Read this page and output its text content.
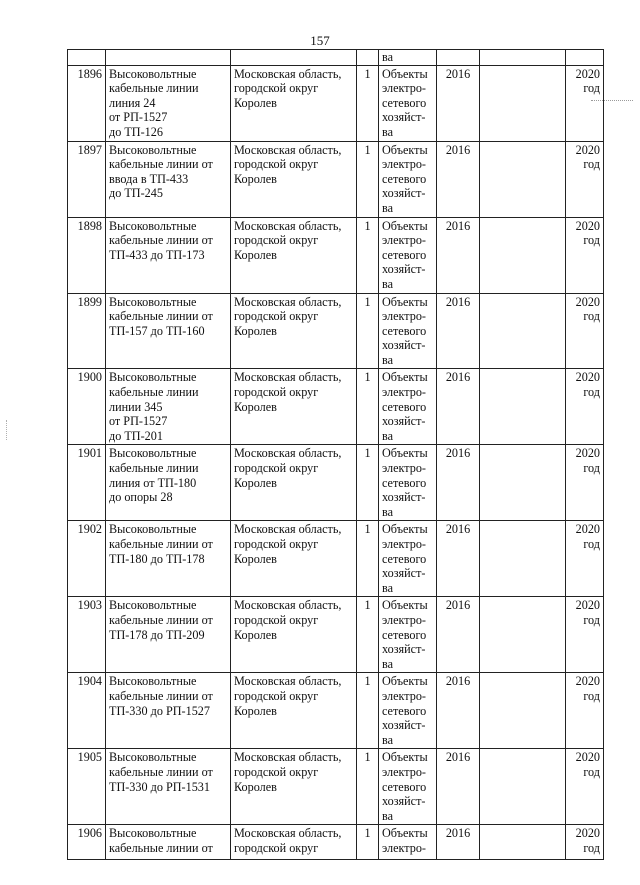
157
				ва			
1896	Высоковольтные
кабельные линии
линия 24
от РП-1527
до ТП-126	Московская область,
городской округ
Королев	1	Объекты
электро-
сетевого
хозяйст-
ва	2016		2020
год

1897	Высоковольтные
кабельные линии от
ввода в ТП-433
до ТП-245	Московская область,
городской округ
Королев	1	Объекты
электро-
сетевого
хозяйст-
ва	2016		2020
год

1898	Высоковольтные
кабельные линии от
ТП-433 до ТП-173	Московская область,
городской округ
Королев	1	Объекты
электро-
сетевого
хозяйст-
ва	2016		2020
год

1899	Высоковольтные
кабельные линии от
ТП-157 до ТП-160	Московская область,
городской округ
Королев	1	Объекты
электро-
сетевого
хозяйст-
ва	2016		2020
год

1900	Высоковольтные
кабельные линии
линии 345
от РП-1527
до ТП-201	Московская область,
городской округ
Королев	1	Объекты
электро-
сетевого
хозяйст-
ва	2016		2020
год

1901	Высоковольтные
кабельные линии
линия от ТП-180
до опоры 28	Московская область,
городской округ
Королев	1	Объекты
электро-
сетевого
хозяйст-
ва	2016		2020
год

1902	Высоковольтные
кабельные линии от
ТП-180 до ТП-178	Московская область,
городской округ
Королев	1	Объекты
электро-
сетевого
хозяйст-
ва	2016		2020
год

1903	Высоковольтные
кабельные линии от
ТП-178 до ТП-209	Московская область,
городской округ
Королев	1	Объекты
электро-
сетевого
хозяйст-
ва	2016		2020
год

1904	Высоковольтные
кабельные линии от
ТП-330 до РП-1527	Московская область,
городской округ
Королев	1	Объекты
электро-
сетевого
хозяйст-
ва	2016		2020
год

1905	Высоковольтные
кабельные линии от
ТП-330 до РП-1531	Московская область,
городской округ
Королев	1	Объекты
электро-
сетевого
хозяйст-
ва	2016		2020
год

1906	Высоковольтные
кабельные линии от	Московская область,
городской округ	1	Объекты
электро-	2016		2020
год
